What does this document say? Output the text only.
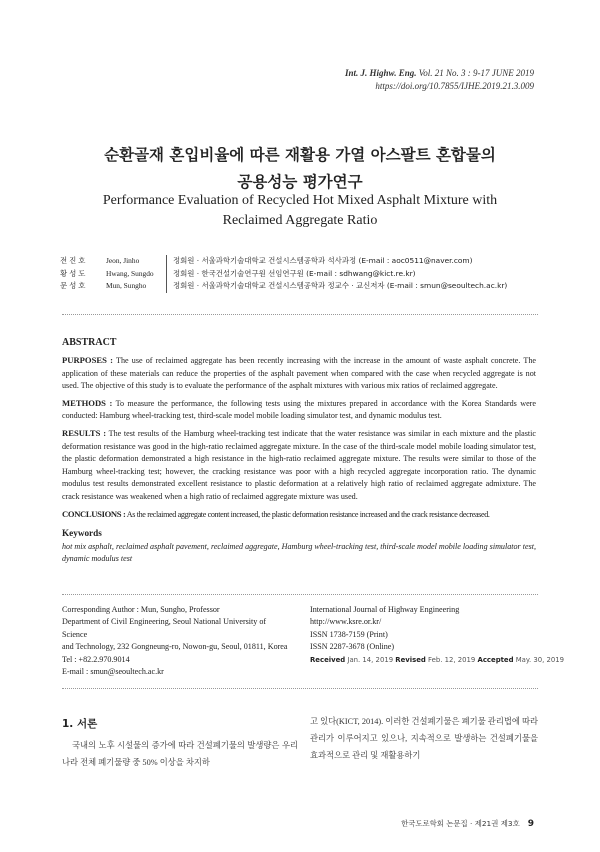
Int. J. Highw. Eng. Vol. 21 No. 3 : 9-17 JUNE 2019
https://doi.org/10.7855/IJHE.2019.21.3.009
순환골재 혼입비율에 따른 재활용 가열 아스팔트 혼합물의
공용성능 평가연구
Performance Evaluation of Recycled Hot Mixed Asphalt Mixture with
Reclaimed Aggregate Ratio
전진호	Jeon, Jinho	정회원 · 서울과학기술대학교 건설시스템공학과 석사과정 (E-mail : aoc0511@naver.com)
황성도	Hwang, Sungdo	정회원 · 한국건설기술연구원 선임연구원 (E-mail : sdhwang@kict.re.kr)
문성호	Mun, Sungho	정회원 · 서울과학기술대학교 건설시스템공학과 정교수 · 교신저자 (E-mail : smun@seoultech.ac.kr)
ABSTRACT

PURPOSES : The use of reclaimed aggregate has been recently increasing with the increase in the amount of waste asphalt concrete. The application of these materials can reduce the properties of the asphalt pavement when compared with the case when recycled aggregate is not used. The objective of this study is to evaluate the performance of the asphalt mixtures with various mix ratios of reclaimed aggregate.

METHODS : To measure the performance, the following tests using the mixtures prepared in accordance with the Korea Standards were conducted: Hamburg wheel-tracking test, third-scale model mobile loading simulator test, and dynamic modulus test.

RESULTS : The test results of the Hamburg wheel-tracking test indicate that the water resistance was similar in each mixture and the plastic deformation resistance was good in the high-ratio reclaimed aggregate mixture. In the case of the third-scale model mobile loading simulator test, the plastic deformation demonstrated a high resistance in the high-ratio reclaimed aggregate mixture. The results were similar to those of the Hamburg wheel-tracking test; however, the cracking resistance was poor with a high recycled aggregate incorporation ratio. The dynamic modulus test results demonstrated excellent resistance to plastic deformation at a relatively high ratio of reclaimed aggregate admixture. The crack resistance was weakened when a high ratio of reclaimed aggregate mixture was used.

CONCLUSIONS : As the reclaimed aggregate content increased, the plastic deformation resistance increased and the crack resistance decreased.

Keywords
hot mix asphalt, reclaimed asphalt pavement, reclaimed aggregate, Hamburg wheel-tracking test, third-scale model mobile loading simulator test, dynamic modulus test
Corresponding Author : Mun, Sungho, Professor
Department of Civil Engineering, Seoul National University of Science
and Technology, 232 Gongneung-ro, Nowon-gu, Seoul, 01811, Korea
Tel : +82.2.970.9014
E-mail : smun@seoultech.ac.kr
International Journal of Highway Engineering
http://www.ksre.or.kr/
ISSN 1738-7159 (Print)
ISSN 2287-3678 (Online)
Received Jan. 14, 2019 Revised Feb. 12, 2019 Accepted May. 30, 2019
1. 서론
국내의 노후 시설물의 증가에 따라 건설폐기물의 발생량은 우리나라 전체 폐기물량 중 50% 이상을 차지하
고 있다(KICT, 2014). 이러한 건설폐기물은 폐기물 관리법에 따라 관리가 이루어지고 있으나, 지속적으로 발생하는 건설폐기물을 효과적으로 관리 및 재활용하기
한국도로학회 논문집 · 제21권 제3호 9
